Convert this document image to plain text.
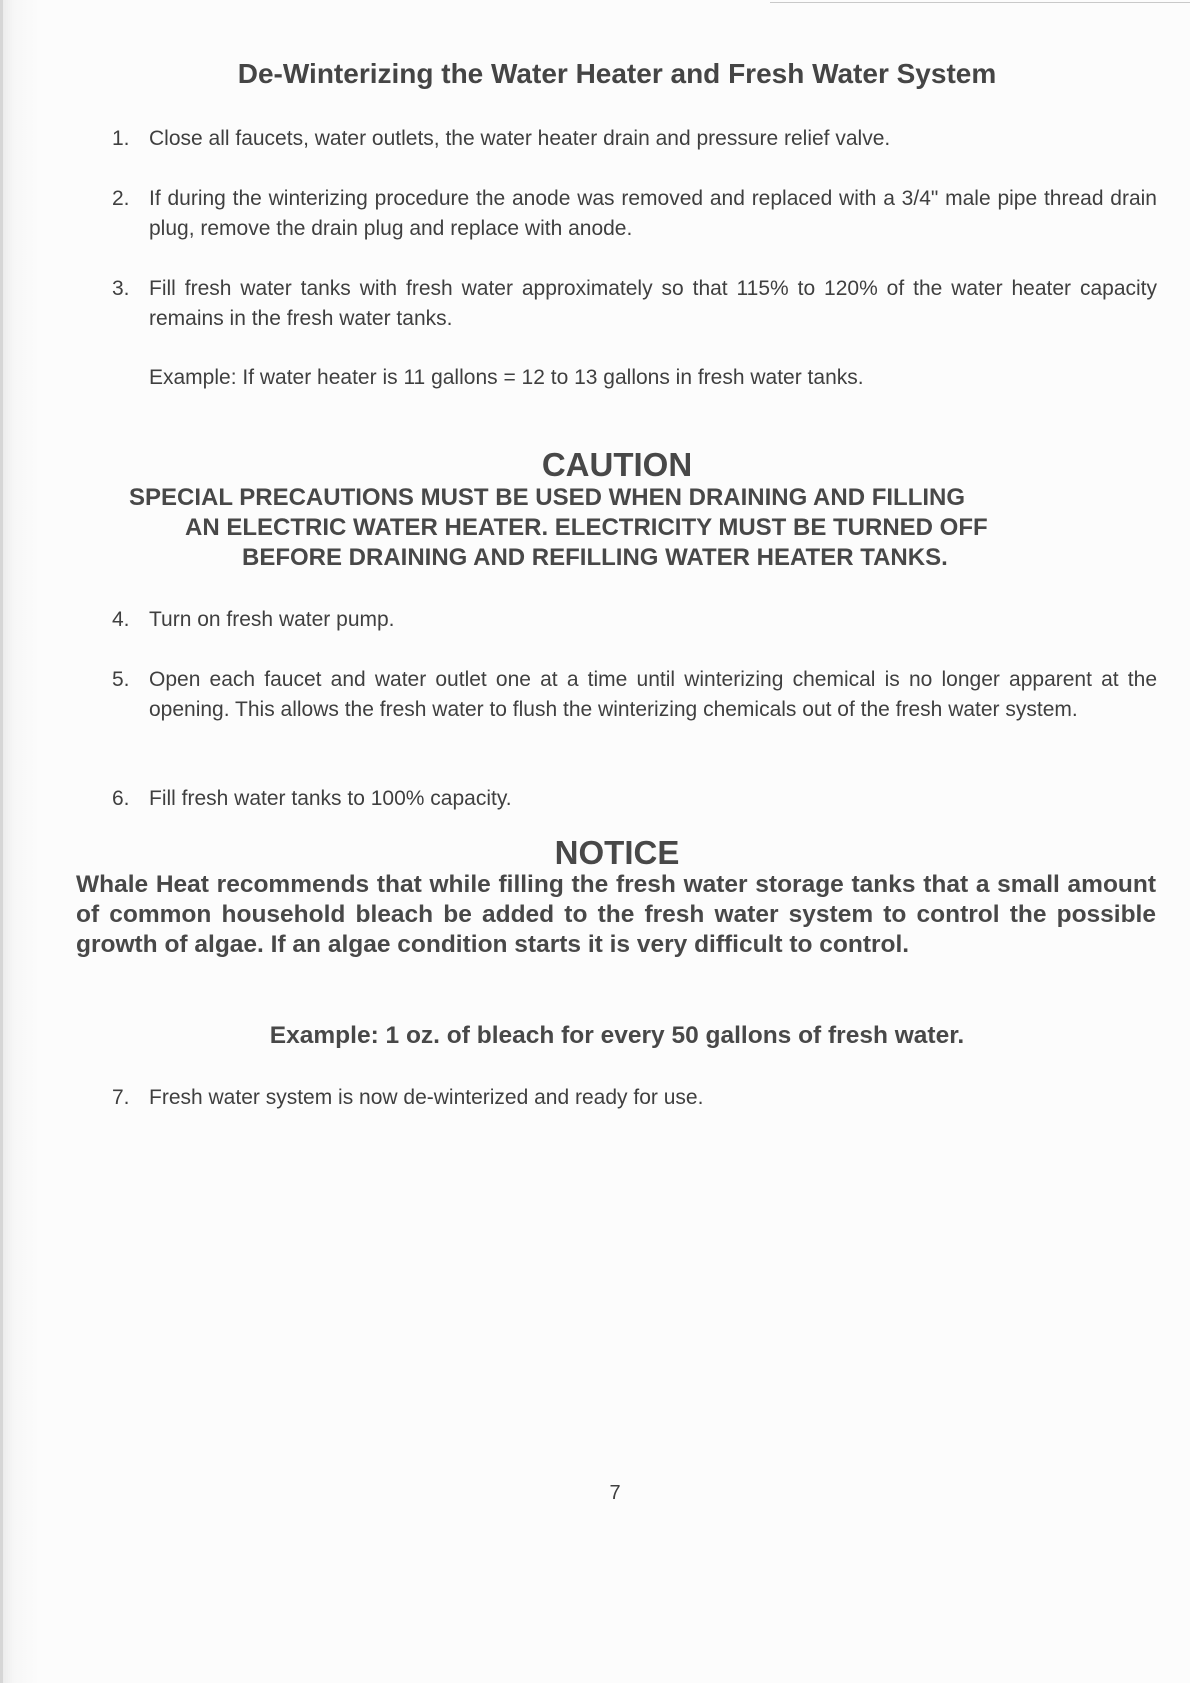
De-Winterizing the Water Heater and Fresh Water System
1. Close all faucets, water outlets, the water heater drain and pressure relief valve.
2. If during the winterizing procedure the anode was removed and replaced with a 3/4" male pipe thread drain plug, remove the drain plug and replace with anode.
3. Fill fresh water tanks with fresh water approximately so that 115% to 120% of the water heater capacity remains in the fresh water tanks.
Example: If water heater is 11 gallons = 12 to 13 gallons in fresh water tanks.
CAUTION
SPECIAL PRECAUTIONS MUST BE USED WHEN DRAINING AND FILLING
AN ELECTRIC WATER HEATER. ELECTRICITY MUST BE TURNED OFF
BEFORE DRAINING AND REFILLING WATER HEATER TANKS.
4. Turn on fresh water pump.
5. Open each faucet and water outlet one at a time until winterizing chemical is no longer apparent at the opening. This allows the fresh water to flush the winterizing chemicals out of the fresh water system.
6. Fill fresh water tanks to 100% capacity.
NOTICE
Whale Heat recommends that while filling the fresh water storage tanks that a small amount of common household bleach be added to the fresh water system to control the possible growth of algae. If an algae condition starts it is very difficult to control.
Example: 1 oz. of bleach for every 50 gallons of fresh water.
7. Fresh water system is now de-winterized and ready for use.
7
